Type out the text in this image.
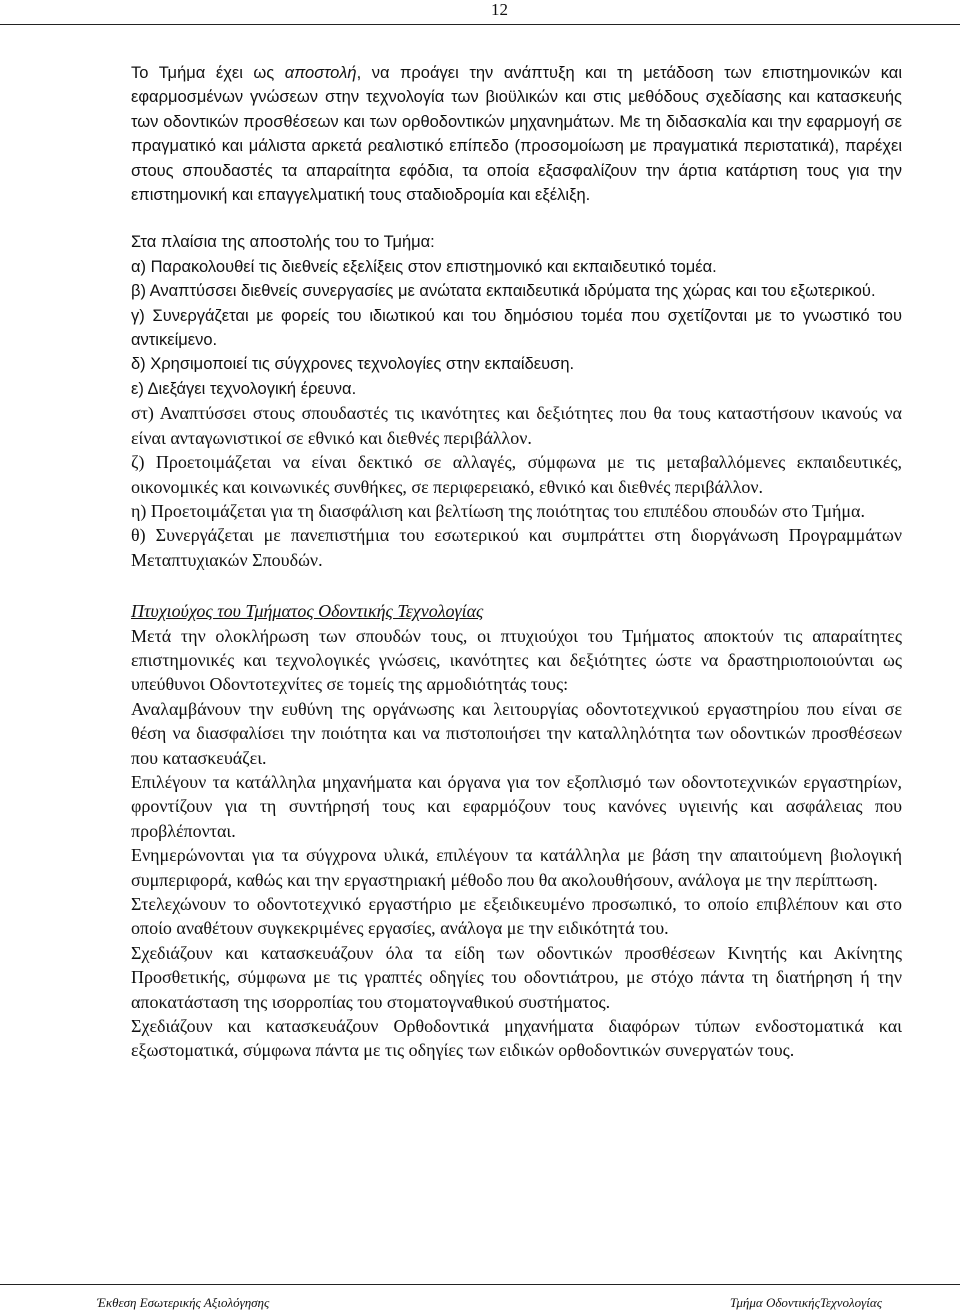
12

Το Τμήμα έχει ως αποστολή, να προάγει την ανάπτυξη και τη μετάδοση των επιστημονικών και εφαρμοσμένων γνώσεων στην τεχνολογία των βιοϋλικών και στις μεθόδους σχεδίασης και κατασκευής των οδοντικών προσθέσεων και των ορθοδοντικών μηχανημάτων. Με τη διδασκαλία και την εφαρμογή σε πραγματικό και μάλιστα αρκετά ρεαλιστικό επίπεδο (προσομοίωση με πραγματικά περιστατικά), παρέχει στους σπουδαστές τα απαραίτητα εφόδια, τα οποία εξασφαλίζουν την άρτια κατάρτιση τους για την επιστημονική και επαγγελματική τους σταδιοδρομία και εξέλιξη.

Στα πλαίσια της αποστολής του το Τμήμα:

α) Παρακολουθεί τις διεθνείς εξελίξεις στον επιστημονικό και εκπαιδευτικό τομέα.

β) Αναπτύσσει διεθνείς συνεργασίες με ανώτατα εκπαιδευτικά ιδρύματα της χώρας και του εξωτερικού.

γ) Συνεργάζεται με φορείς του ιδιωτικού και του δημόσιου τομέα που σχετίζονται με το γνωστικό του αντικείμενο.

δ) Χρησιμοποιεί τις σύγχρονες τεχνολογίες στην εκπαίδευση.

ε) Διεξάγει τεχνολογική έρευνα.

στ) Αναπτύσσει στους σπουδαστές τις ικανότητες και δεξιότητες που θα τους καταστήσουν ικανούς να είναι ανταγωνιστικοί σε εθνικό και διεθνές περιβάλλον.

ζ) Προετοιμάζεται να είναι δεκτικό σε αλλαγές, σύμφωνα με τις μεταβαλλόμενες εκπαιδευτικές, οικονομικές και κοινωνικές συνθήκες, σε περιφερειακό, εθνικό και διεθνές περιβάλλον.

η) Προετοιμάζεται για τη διασφάλιση και βελτίωση της ποιότητας του επιπέδου σπουδών στο Τμήμα.

θ) Συνεργάζεται με πανεπιστήμια του εσωτερικού και συμπράττει στη διοργάνωση Προγραμμάτων Μεταπτυχιακών Σπουδών.

Πτυχιούχος του Τμήματος Οδοντικής Τεχνολογίας

Μετά την ολοκλήρωση των σπουδών τους, οι πτυχιούχοι του Τμήματος αποκτούν τις απαραίτητες επιστημονικές και τεχνολογικές γνώσεις, ικανότητες και δεξιότητες ώστε να δραστηριοποιούνται ως υπεύθυνοι Οδοντοτεχνίτες σε τομείς της αρμοδιότητάς τους:

Αναλαμβάνουν την ευθύνη της οργάνωσης και λειτουργίας οδοντοτεχνικού εργαστηρίου που είναι σε θέση να διασφαλίσει την ποιότητα και να πιστοποιήσει την καταλληλότητα των οδοντικών προσθέσεων που κατασκευάζει.

Επιλέγουν τα κατάλληλα μηχανήματα και όργανα για τον εξοπλισμό των οδοντοτεχνικών εργαστηρίων, φροντίζουν για τη συντήρησή τους και εφαρμόζουν τους κανόνες υγιεινής και ασφάλειας που προβλέπονται.

Ενημερώνονται για τα σύγχρονα υλικά, επιλέγουν τα κατάλληλα με βάση την απαιτούμενη βιολογική συμπεριφορά, καθώς και την εργαστηριακή μέθοδο που θα ακολουθήσουν, ανάλογα με την περίπτωση.

Στελεχώνουν το οδοντοτεχνικό εργαστήριο με εξειδικευμένο προσωπικό, το οποίο επιβλέπουν και στο οποίο αναθέτουν συγκεκριμένες εργασίες, ανάλογα με την ειδικότητά του.

Σχεδιάζουν και κατασκευάζουν όλα τα είδη των οδοντικών προσθέσεων Κινητής και Ακίνητης Προσθετικής, σύμφωνα με τις γραπτές οδηγίες του οδοντιάτρου, με στόχο πάντα τη διατήρηση ή την αποκατάσταση της ισορροπίας του στοματογναθικού συστήματος.

Σχεδιάζουν και κατασκευάζουν Ορθοδοντικά μηχανήματα διαφόρων τύπων ενδοστοματικά και εξωστοματικά, σύμφωνα πάντα με τις οδηγίες των ειδικών ορθοδοντικών συνεργατών τους.

Έκθεση Εσωτερικής Αξιολόγησης	Τμήμα ΟδοντικήςΤεχνολογίας
